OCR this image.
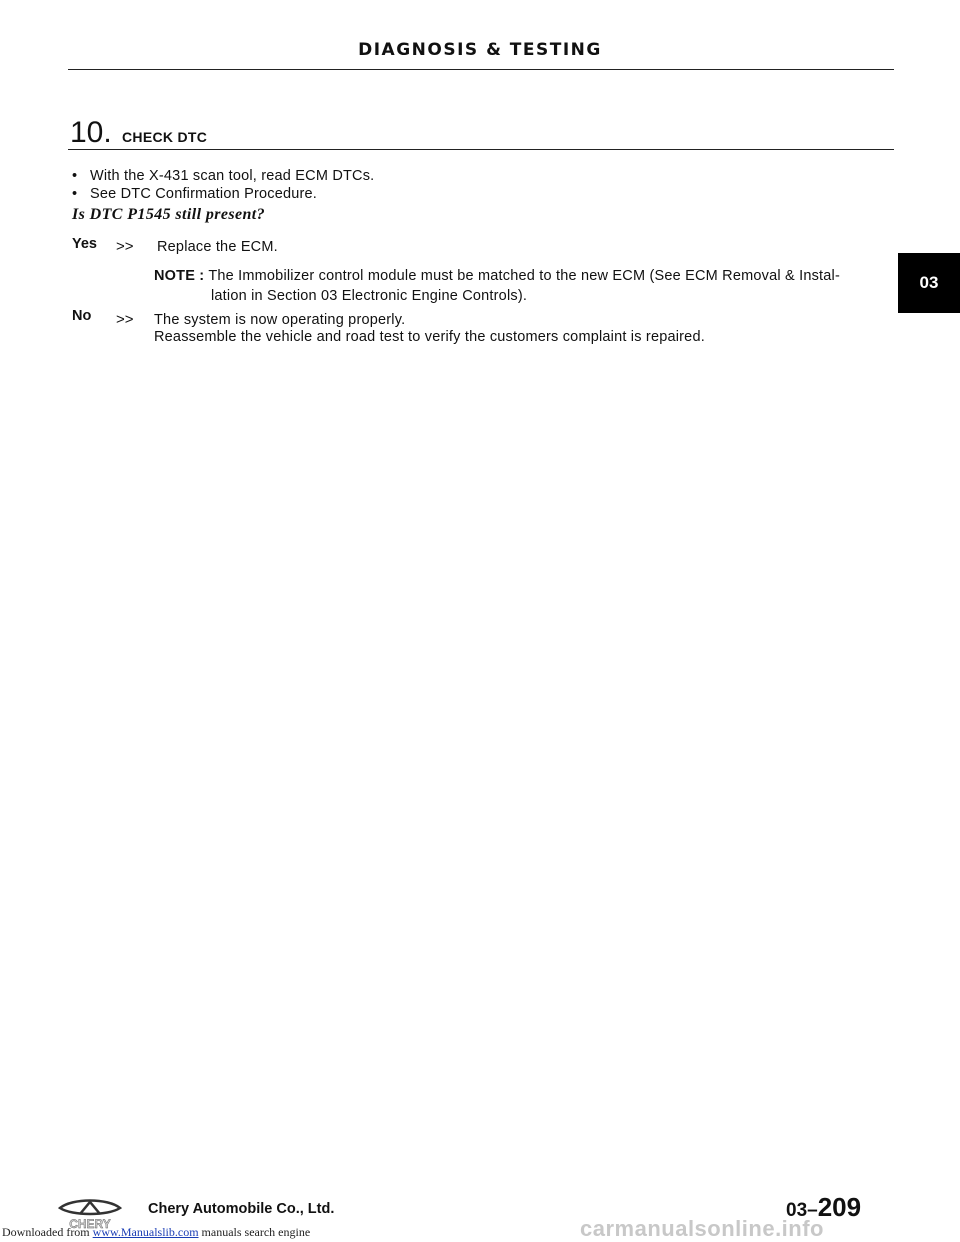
DIAGNOSIS & TESTING
10. CHECK DTC
• With the X-431 scan tool, read ECM DTCs.
• See DTC Confirmation Procedure.
Is DTC P1545 still present?
Yes >> Replace the ECM.
NOTE : The Immobilizer control module must be matched to the new ECM (See ECM Removal & Instal-
lation in Section 03 Electronic Engine Controls).
No >> The system is now operating properly.
Reassemble the vehicle and road test to verify the customers complaint is repaired.
03
CHERY
Chery Automobile Co., Ltd.
carmanualsonline.info
03–209
Downloaded from www.Manualslib.com manuals search engine
